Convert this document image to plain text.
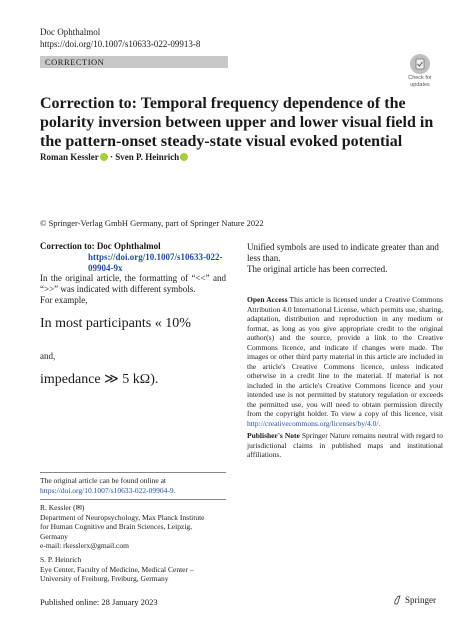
Doc Ophthalmol
https://doi.org/10.1007/s10633-022-09913-8
CORRECTION
Check for
updates
Correction to: Temporal frequency dependence of the polarity inversion between upper and lower visual field in the pattern-onset steady-state visual evoked potential
Roman Kessler · Sven P. Heinrich
© Springer-Verlag GmbH Germany, part of Springer Nature 2022
Correction to: Doc Ophthalmol
https://doi.org/10.1007/s10633-022-09904-9x
In the original article, the formatting of “<<” and “>>” was indicated with different symbols.
For example,
In most participants « 10%
and,
impedance ≫ 5 kΩ).
The original article can be found online at https://doi.org/10.1007/s10633-022-09904-9.
R. Kessler (✉)
Department of Neuropsychology, Max Planck Institute
for Human Cognitive and Brain Sciences, Leipzig,
Germany
e-mail: rkesslerx@gmail.com
S. P. Heinrich
Eye Center, Faculty of Medicine, Medical Center –
University of Freiburg, Freiburg, Germany
Unified symbols are used to indicate greater than and less than.
The original article has been corrected.
Open Access This article is licensed under a Creative Commons Attribution 4.0 International License, which permits use, sharing, adaptation, distribution and reproduction in any medium or format, as long as you give appropriate credit to the original author(s) and the source, provide a link to the Creative Commons licence, and indicate if changes were made. The images or other third party material in this article are included in the article's Creative Commons licence, unless indicated otherwise in a credit line to the material. If material is not included in the article's Creative Commons licence and your intended use is not permitted by statutory regulation or exceeds the permitted use, you will need to obtain permission directly from the copyright holder. To view a copy of this licence, visit http://creativecommons.org/licenses/by/4.0/.
Publisher's Note Springer Nature remains neutral with regard to jurisdictional claims in published maps and institutional affiliations.
Published online: 28 January 2023	Springer
